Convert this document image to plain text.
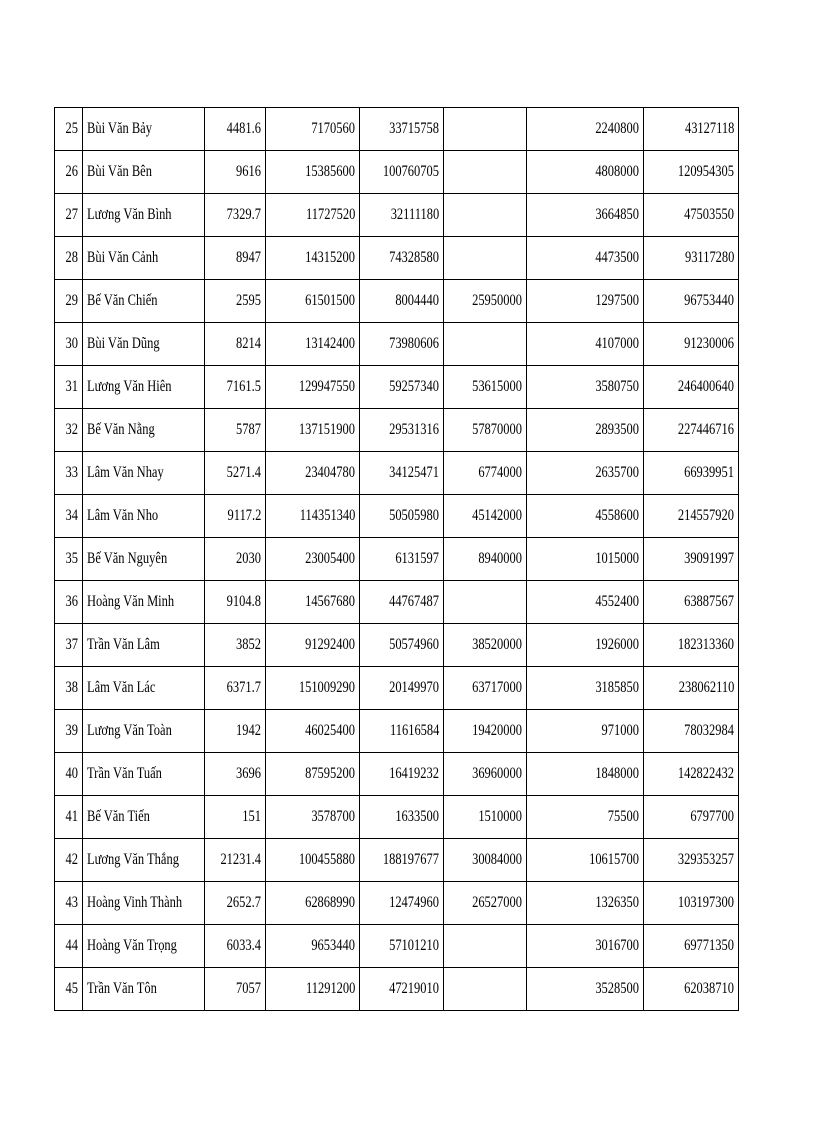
25	Bùi Văn Bảy	4481.6	7170560	33715758		2240800	43127118
26	Bùi Văn Bên	9616	15385600	100760705		4808000	120954305
27	Lương Văn Bình	7329.7	11727520	32111180		3664850	47503550
28	Bùi Văn Cảnh	8947	14315200	74328580		4473500	93117280
29	Bế Văn Chiến	2595	61501500	8004440	25950000	1297500	96753440
30	Bùi Văn Dũng	8214	13142400	73980606		4107000	91230006
31	Lương Văn Hiên	7161.5	129947550	59257340	53615000	3580750	246400640
32	Bế Văn Nằng	5787	137151900	29531316	57870000	2893500	227446716
33	Lâm Văn Nhay	5271.4	23404780	34125471	6774000	2635700	66939951
34	Lâm Văn Nho	9117.2	114351340	50505980	45142000	4558600	214557920
35	Bế Văn Nguyên	2030	23005400	6131597	8940000	1015000	39091997
36	Hoàng Văn Minh	9104.8	14567680	44767487		4552400	63887567
37	Trần Văn Lâm	3852	91292400	50574960	38520000	1926000	182313360
38	Lâm Văn Lác	6371.7	151009290	20149970	63717000	3185850	238062110
39	Lương Văn Toàn	1942	46025400	11616584	19420000	971000	78032984
40	Trần Văn Tuấn	3696	87595200	16419232	36960000	1848000	142822432
41	Bế Văn Tiến	151	3578700	1633500	1510000	75500	6797700
42	Lương Văn Thắng	21231.4	100455880	188197677	30084000	10615700	329353257
43	Hoàng Vinh Thành	2652.7	62868990	12474960	26527000	1326350	103197300
44	Hoàng Văn Trọng	6033.4	9653440	57101210		3016700	69771350
45	Trần Văn Tôn	7057	11291200	47219010		3528500	62038710
